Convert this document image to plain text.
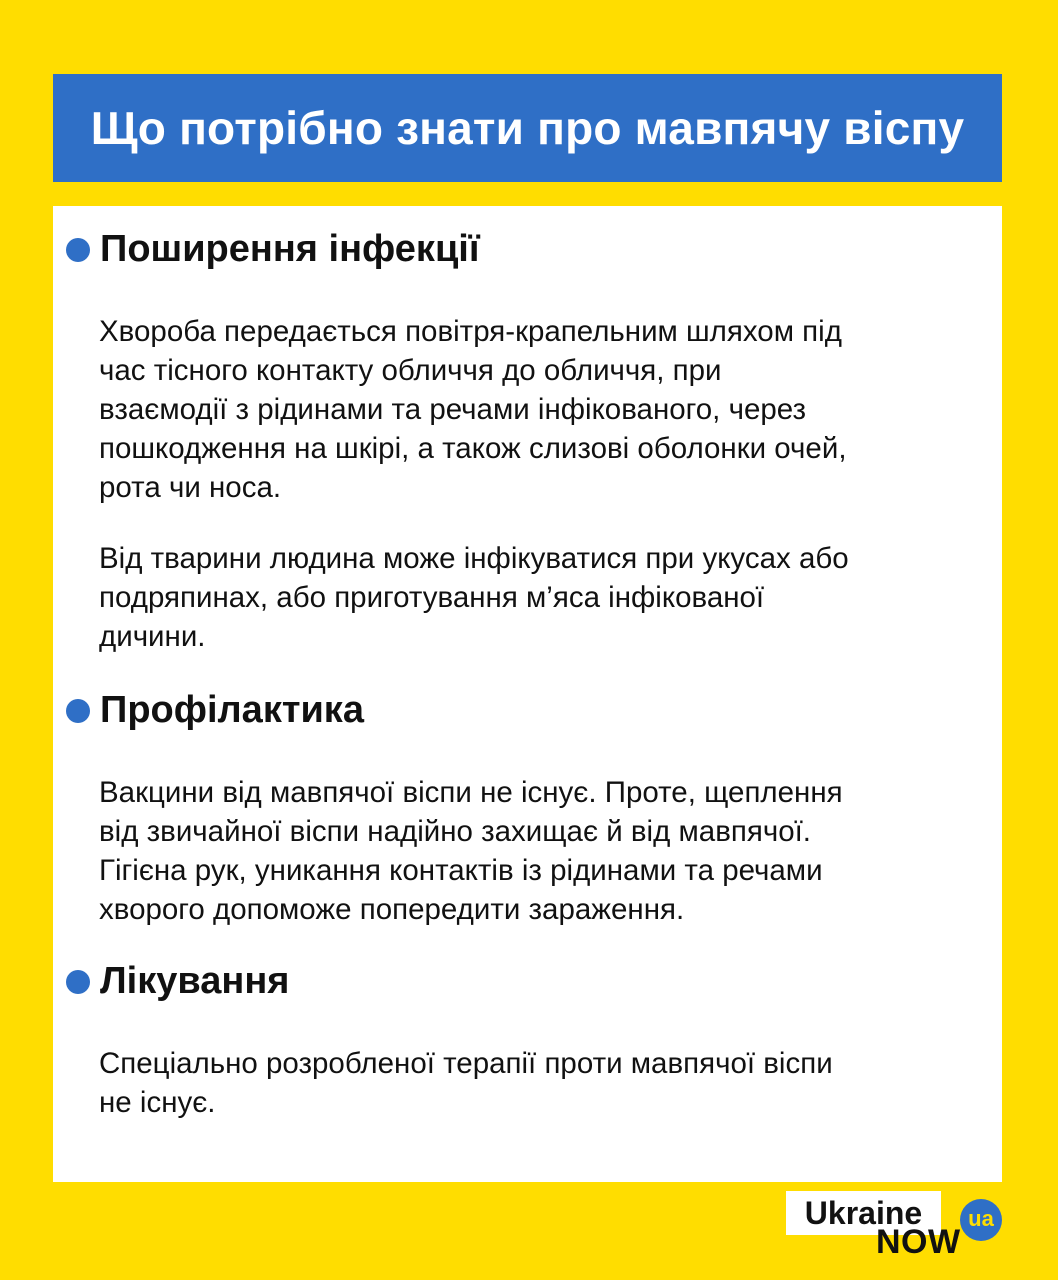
Що потрібно знати про мавпячу віспу
Поширення інфекції

Хвороба передається повітря-крапельним шляхом під
час тісного контакту обличчя до обличчя, при
взаємодії з рідинами та речами інфікованого, через
пошкодження на шкірі, а також слизові оболонки очей,
рота чи носа.

Від тварини людина може інфікуватися при укусах або
подряпинах, або приготування м’яса інфікованої
дичини.

Профілактика

Вакцини від мавпячої віспи не існує. Проте, щеплення
від звичайної віспи надійно захищає й від мавпячої.
Гігієна рук, уникання контактів із рідинами та речами
хворого допоможе попередити зараження.

Лікування

Спеціально розробленої терапії проти мавпячої віспи
не існує.

Ukraine
NOW
ua
